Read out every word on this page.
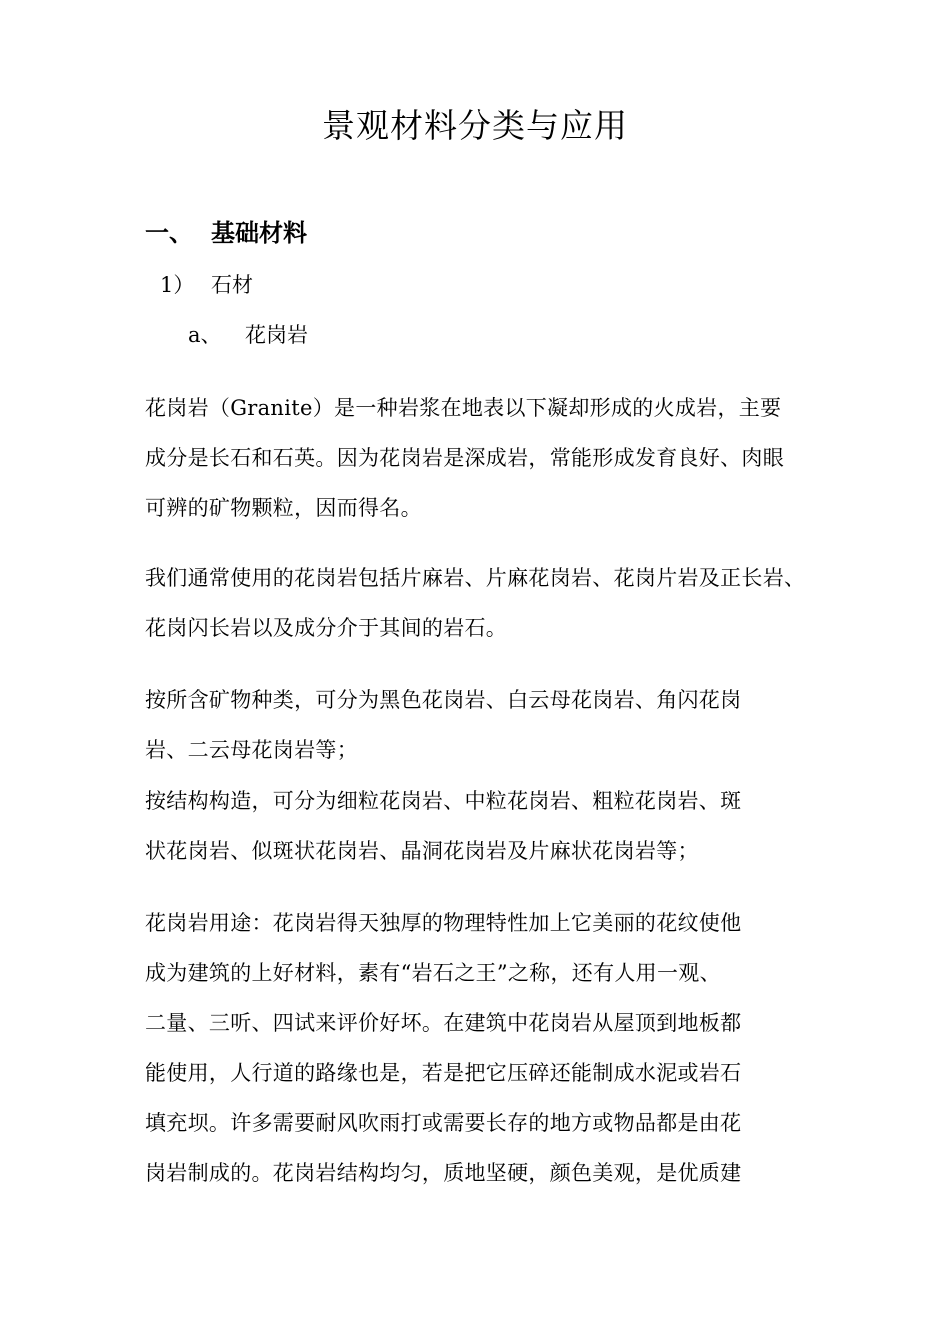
景观材料分类与应用
一、 基础材料
1） 石材
a、 花岗岩

花岗岩（Granite）是一种岩浆在地表以下凝却形成的火成岩，主要
成分是长石和石英。因为花岗岩是深成岩，常能形成发育良好、肉眼
可辨的矿物颗粒，因而得名。

我们通常使用的花岗岩包括片麻岩、片麻花岗岩、花岗片岩及正长岩、
花岗闪长岩以及成分介于其间的岩石。

按所含矿物种类，可分为黑色花岗岩、白云母花岗岩、角闪花岗
岩、二云母花岗岩等；

按结构构造，可分为细粒花岗岩、中粒花岗岩、粗粒花岗岩、斑
状花岗岩、似斑状花岗岩、晶洞花岗岩及片麻状花岗岩等；

花岗岩用途：花岗岩得天独厚的物理特性加上它美丽的花纹使他
成为建筑的上好材料，素有“岩石之王”之称，还有人用一观、
二量、三听、四试来评价好坏。在建筑中花岗岩从屋顶到地板都
能使用，人行道的路缘也是，若是把它压碎还能制成水泥或岩石
填充坝。许多需要耐风吹雨打或需要长存的地方或物品都是由花
岗岩制成的。花岗岩结构均匀，质地坚硬，颜色美观，是优质建
